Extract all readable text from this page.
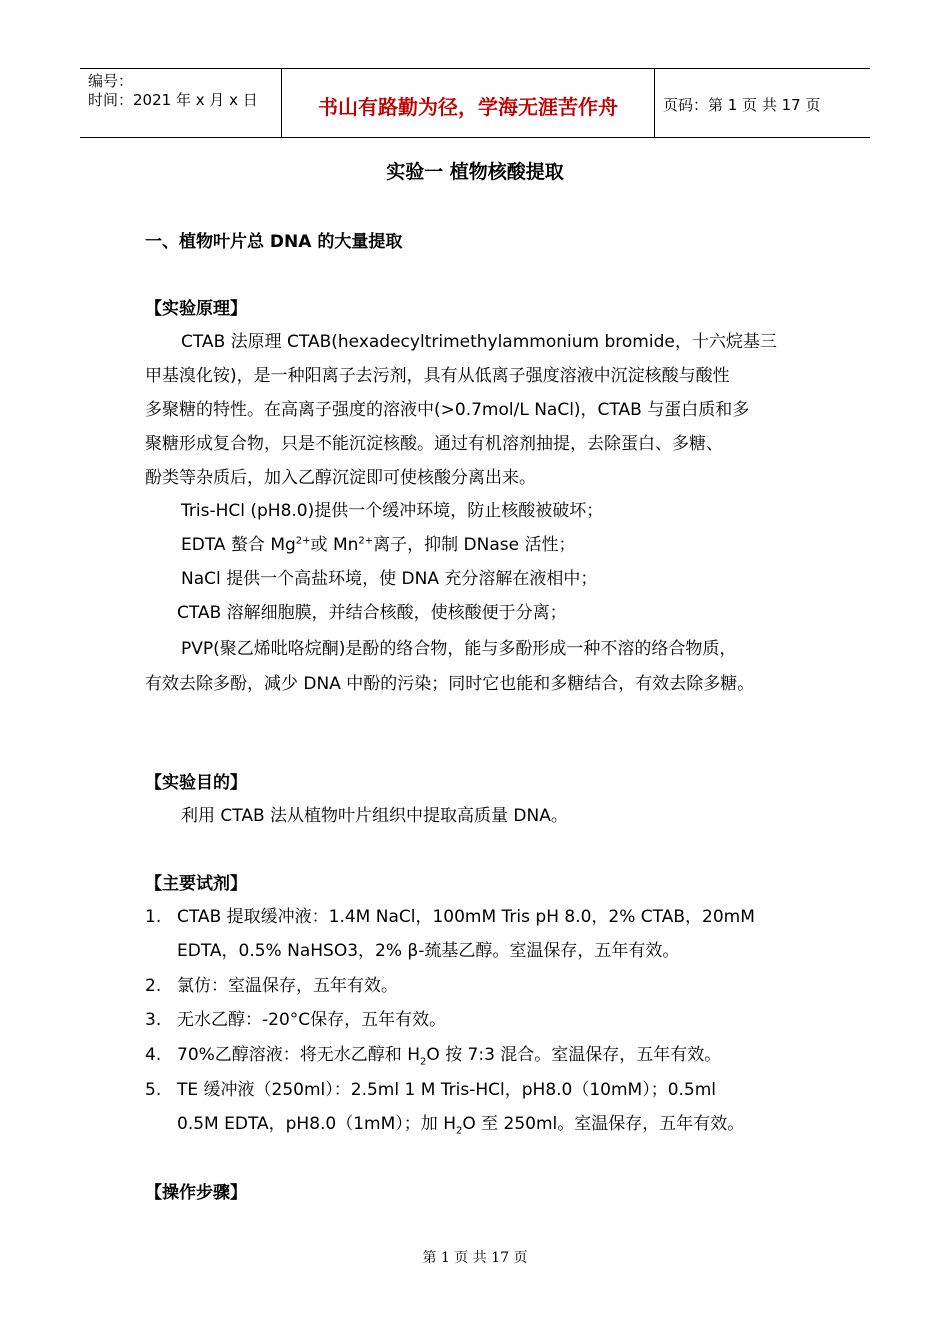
编号：
时间：2021 年 x 月 x 日	书山有路勤为径，学海无涯苦作舟	页码：第 1 页 共 17 页
实验一 植物核酸提取
一、植物叶片总 DNA 的大量提取
【实验原理】
CTAB 法原理 CTAB(hexadecyltrimethylammonium bromide，十六烷基三
甲基溴化铵)，是一种阳离子去污剂，具有从低离子强度溶液中沉淀核酸与酸性
多聚糖的特性。在高离子强度的溶液中(>0.7mol/L NaCl)，CTAB 与蛋白质和多
聚糖形成复合物，只是不能沉淀核酸。通过有机溶剂抽提，去除蛋白、多糖、
酚类等杂质后，加入乙醇沉淀即可使核酸分离出来。
Tris-HCl (pH8.0)提供一个缓冲环境，防止核酸被破坏；
EDTA 螯合 $Mg^{2+}$或 $Mn^{2+}$离子，抑制 DNase 活性；
NaCl 提供一个高盐环境，使 DNA 充分溶解在液相中；
CTAB 溶解细胞膜，并结合核酸，使核酸便于分离；
PVP(聚乙烯吡咯烷酮)是酚的络合物，能与多酚形成一种不溶的络合物质，
有效去除多酚，减少 DNA 中酚的污染；同时它也能和多糖结合，有效去除多糖。
【实验目的】
利用 CTAB 法从植物叶片组织中提取高质量 DNA。
【主要试剂】
1. CTAB 提取缓冲液：1.4M NaCl，100mM Tris pH 8.0，2% CTAB，20mM
EDTA，0.5% NaHSO3，2% β-巯基乙醇。室温保存，五年有效。
2. 氯仿：室温保存，五年有效。
3. 无水乙醇：-20°C保存，五年有效。
4. 70%乙醇溶液：将无水乙醇和 $H_2O$ 按 7:3 混合。室温保存，五年有效。
5. TE 缓冲液（250ml）：2.5ml 1 M Tris-HCl，pH8.0（10mM）；0.5ml
0.5M EDTA，pH8.0（1mM）；加 $H_2O$ 至 250ml。室温保存，五年有效。
【操作步骤】
第 1 页 共 17 页
